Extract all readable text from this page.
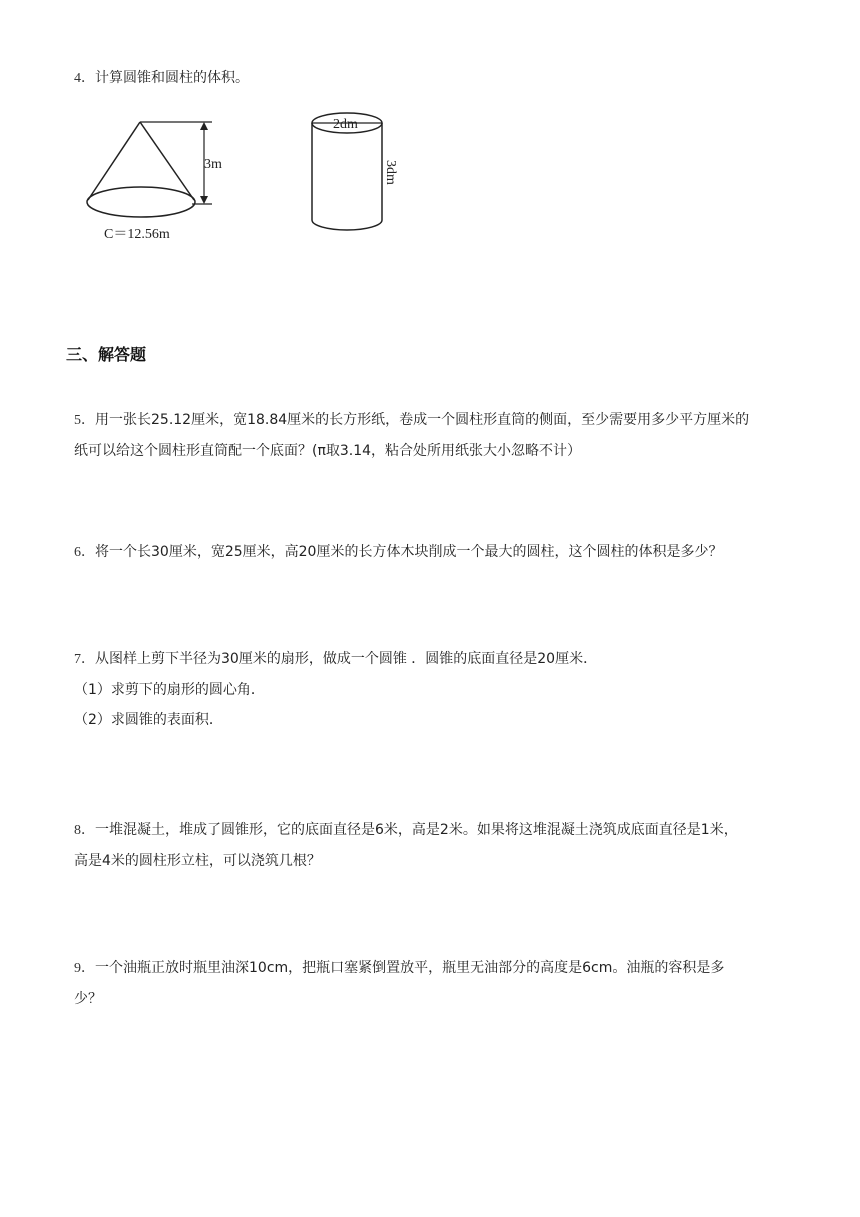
4．计算圆锥和圆柱的体积。
3m
C＝12.56m
2dm
3dm
三、解答题
5．用一张长25.12厘米，宽18.84厘米的长方形纸，卷成一个圆柱形直筒的侧面，至少需要用多少平方厘米的
纸可以给这个圆柱形直筒配一个底面？(π取3.14，粘合处所用纸张大小忽略不计）
6．将一个长30厘米，宽25厘米，高20厘米的长方体木块削成一个最大的圆柱，这个圆柱的体积是多少？
7．从图样上剪下半径为30厘米的扇形，做成一个圆锥 ．圆锥的底面直径是20厘米．
（1）求剪下的扇形的圆心角．
（2）求圆锥的表面积．
8．一堆混凝土，堆成了圆锥形，它的底面直径是6米，高是2米。如果将这堆混凝土浇筑成底面直径是1米，
高是4米的圆柱形立柱，可以浇筑几根？
9．一个油瓶正放时瓶里油深10cm，把瓶口塞紧倒置放平，瓶里无油部分的高度是6cm。油瓶的容积是多
少？
